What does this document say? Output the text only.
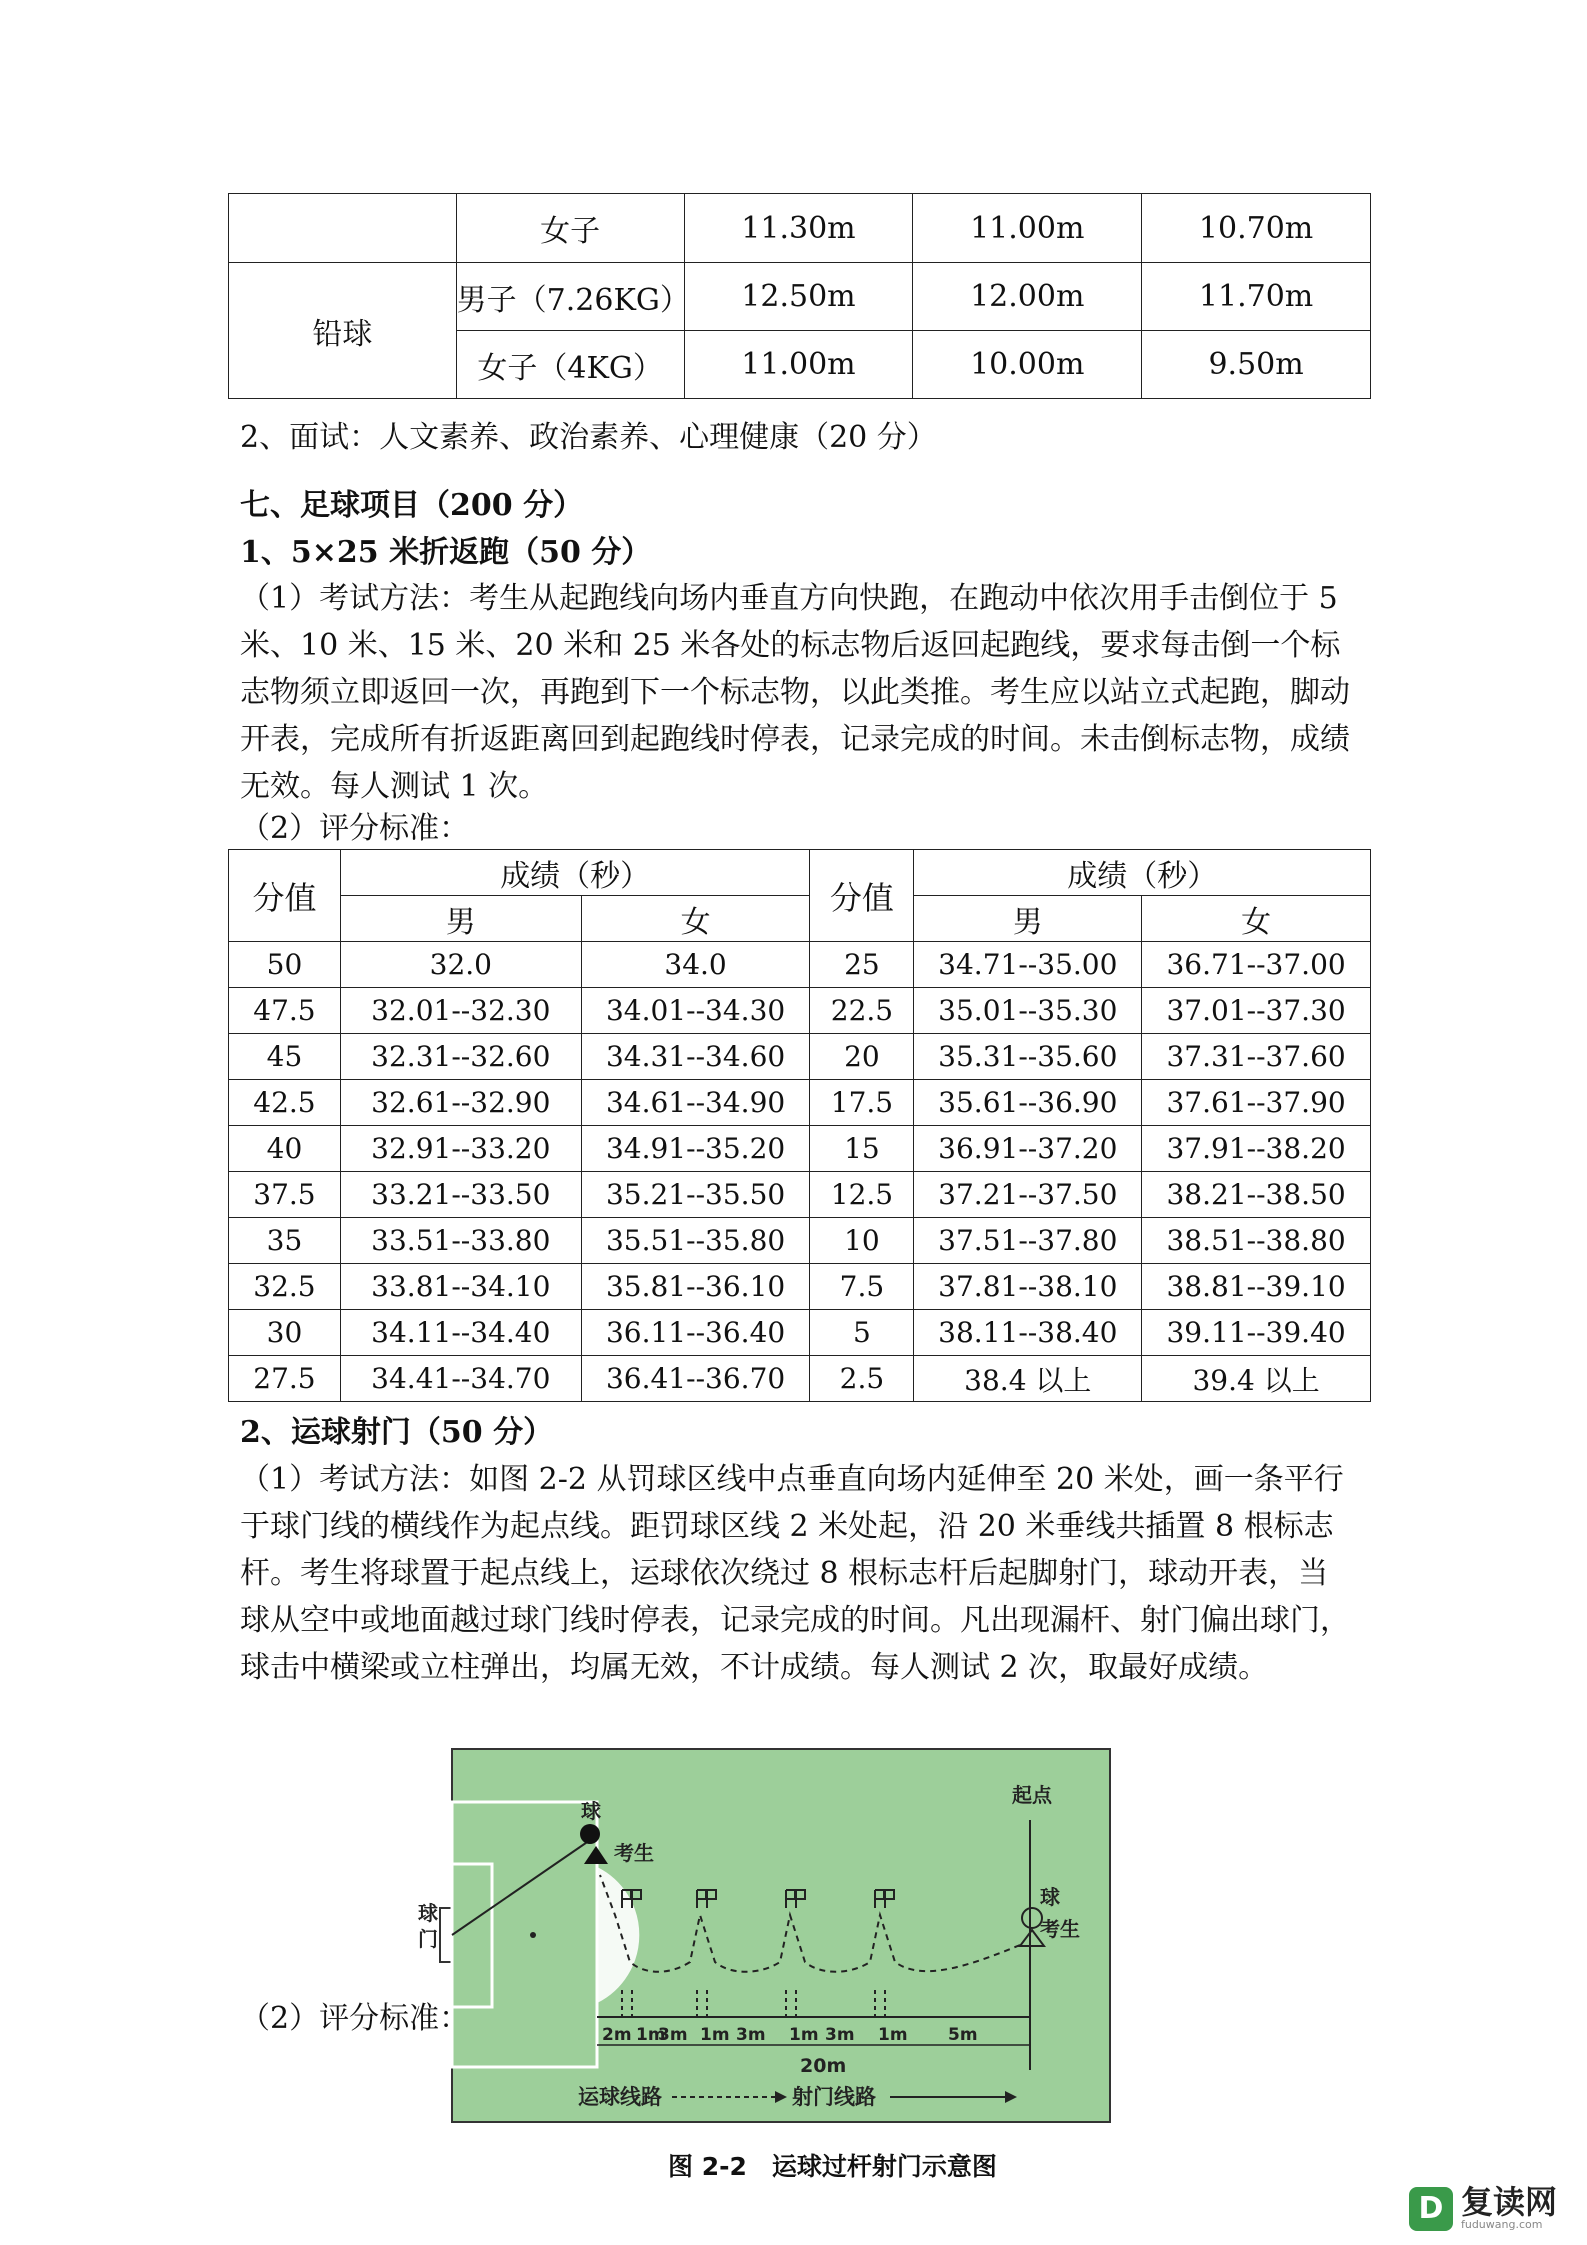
	女子	11.30m	11.00m	10.70m
铅球	男子（7.26KG）	12.50m	12.00m	11.70m
	女子（4KG）	11.00m	10.00m	9.50m
2、面试：人文素养、政治素养、心理健康（20 分）
七、足球项目（200 分）
1、5×25 米折返跑（50 分）
（1）考试方法：考生从起跑线向场内垂直方向快跑，在跑动中依次用手击倒位于 5 米、10 米、15 米、20 米和 25 米各处的标志物后返回起跑线，要求每击倒一个标志物须立即返回一次，再跑到下一个标志物，以此类推。考生应以站立式起跑，脚动开表，完成所有折返距离回到起跑线时停表，记录完成的时间。未击倒标志物，成绩无效。每人测试 1 次。
（2）评分标准：
分值	成绩（秒）		分值	成绩（秒）	
	男	女		男	女
50	32.0	34.0	25	34.71--35.00	36.71--37.00
47.5	32.01--32.30	34.01--34.30	22.5	35.01--35.30	37.01--37.30
45	32.31--32.60	34.31--34.60	20	35.31--35.60	37.31--37.60
42.5	32.61--32.90	34.61--34.90	17.5	35.61--36.90	37.61--37.90
40	32.91--33.20	34.91--35.20	15	36.91--37.20	37.91--38.20
37.5	33.21--33.50	35.21--35.50	12.5	37.21--37.50	38.21--38.50
35	33.51--33.80	35.51--35.80	10	37.51--37.80	38.51--38.80
32.5	33.81--34.10	35.81--36.10	7.5	37.81--38.10	38.81--39.10
30	34.11--34.40	36.11--36.40	5	38.11--38.40	39.11--39.40
27.5	34.41--34.70	36.41--36.70	2.5	38.4 以上	39.4 以上
2、运球射门（50 分）
（1）考试方法：如图 2-2 从罚球区线中点垂直向场内延伸至 20 米处，画一条平行于球门线的横线作为起点线。距罚球区线 2 米处起，沿 20 米垂线共插置 8 根标志杆。考生将球置于起点线上，运球依次绕过 8 根标志杆后起脚射门，球动开表，当球从空中或地面越过球门线时停表，记录完成的时间。凡出现漏杆、射门偏出球门，球击中横梁或立柱弹出，均属无效，不计成绩。每人测试 2 次，取最好成绩。
球
门
球
考生
起点
球
考生
2m 1m
3m 1m 3m 1m 3m 1m 5m
20m
运球线路	射门线路
（2）评分标准：
图 2-2　运球过杆射门示意图
D 复读网
fuduwang.com
